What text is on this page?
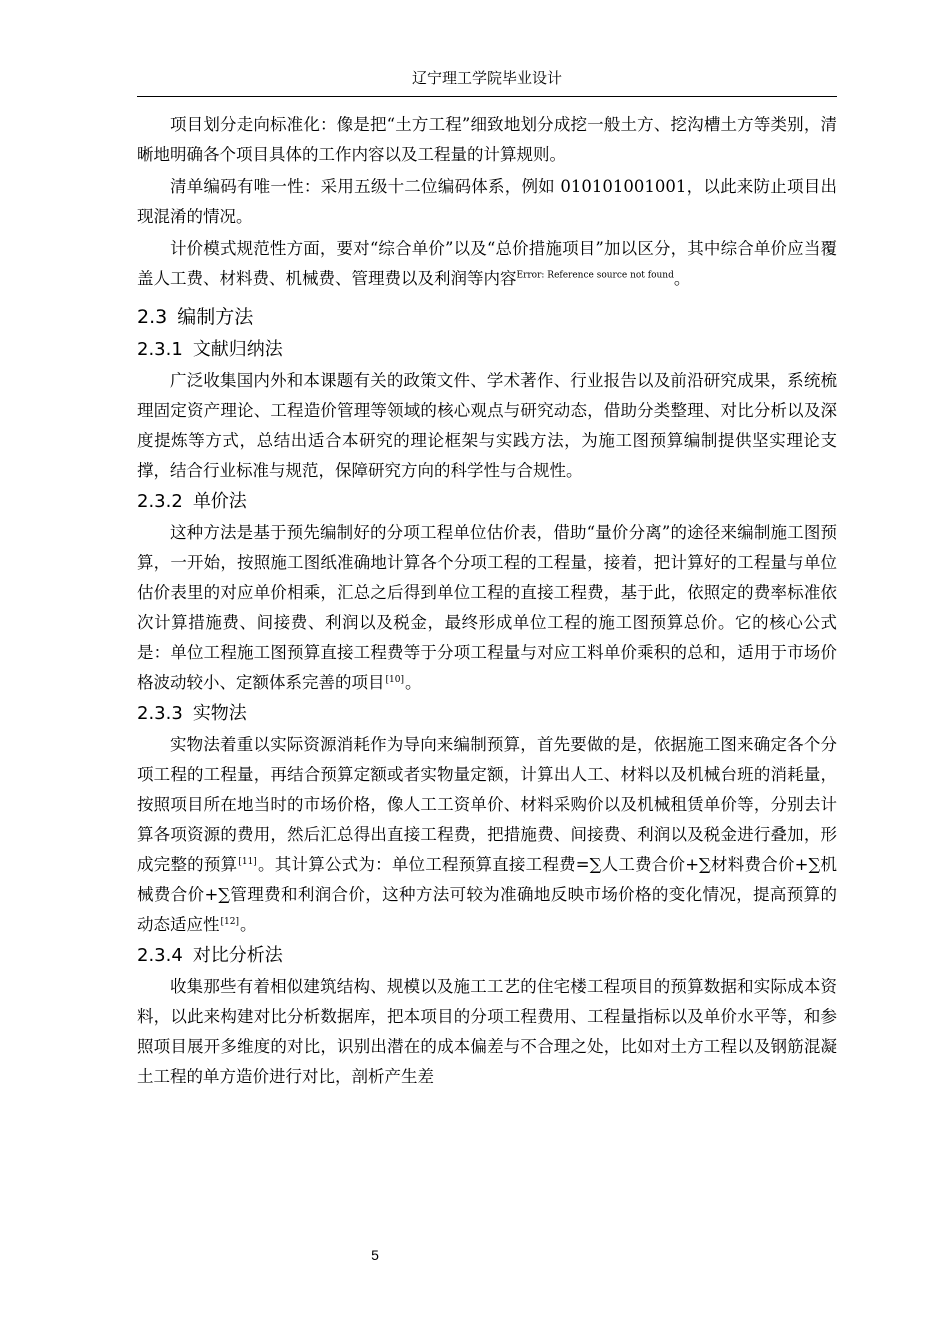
辽宁理工学院毕业设计

项目划分走向标准化：像是把“土方工程”细致地划分成挖一般土方、挖沟槽土方等类别，清晰地明确各个项目具体的工作内容以及工程量的计算规则。

清单编码有唯一性：采用五级十二位编码体系，例如 010101001001，以此来防止项目出现混淆的情况。

计价模式规范性方面，要对“综合单价”以及“总价措施项目”加以区分，其中综合单价应当覆盖人工费、材料费、机械费、管理费以及利润等内容$^{Error: Reference source not found}$。

2.3 编制方法
2.3.1 文献归纳法

广泛收集国内外和本课题有关的政策文件、学术著作、行业报告以及前沿研究成果，系统梳理固定资产理论、工程造价管理等领域的核心观点与研究动态，借助分类整理、对比分析以及深度提炼等方式，总结出适合本研究的理论框架与实践方法，为施工图预算编制提供坚实理论支撑，结合行业标准与规范，保障研究方向的科学性与合规性。

2.3.2 单价法

这种方法是基于预先编制好的分项工程单位估价表，借助“量价分离”的途径来编制施工图预算，一开始，按照施工图纸准确地计算各个分项工程的工程量，接着，把计算好的工程量与单位估价表里的对应单价相乘，汇总之后得到单位工程的直接工程费，基于此，依照定的费率标准依次计算措施费、间接费、利润以及税金，最终形成单位工程的施工图预算总价。它的核心公式是：单位工程施工图预算直接工程费等于分项工程量与对应工料单价乘积的总和，适用于市场价格波动较小、定额体系完善的项目[10]。

2.3.3 实物法

实物法着重以实际资源消耗作为导向来编制预算，首先要做的是，依据施工图来确定各个分项工程的工程量，再结合预算定额或者实物量定额，计算出人工、材料以及机械台班的消耗量，按照项目所在地当时的市场价格，像人工工资单价、材料采购价以及机械租赁单价等，分别去计算各项资源的费用，然后汇总得出直接工程费，把措施费、间接费、利润以及税金进行叠加，形成完整的预算[11]。其计算公式为：单位工程预算直接工程费=∑人工费合价+∑材料费合价+∑机械费合价+∑管理费和利润合价，这种方法可较为准确地反映市场价格的变化情况，提高预算的动态适应性[12]。

2.3.4 对比分析法

收集那些有着相似建筑结构、规模以及施工工艺的住宅楼工程项目的预算数据和实际成本资料，以此来构建对比分析数据库，把本项目的分项工程费用、工程量指标以及单价水平等，和参照项目展开多维度的对比，识别出潜在的成本偏差与不合理之处，比如对土方工程以及钢筋混凝土工程的单方造价进行对比，剖析产生差

5
